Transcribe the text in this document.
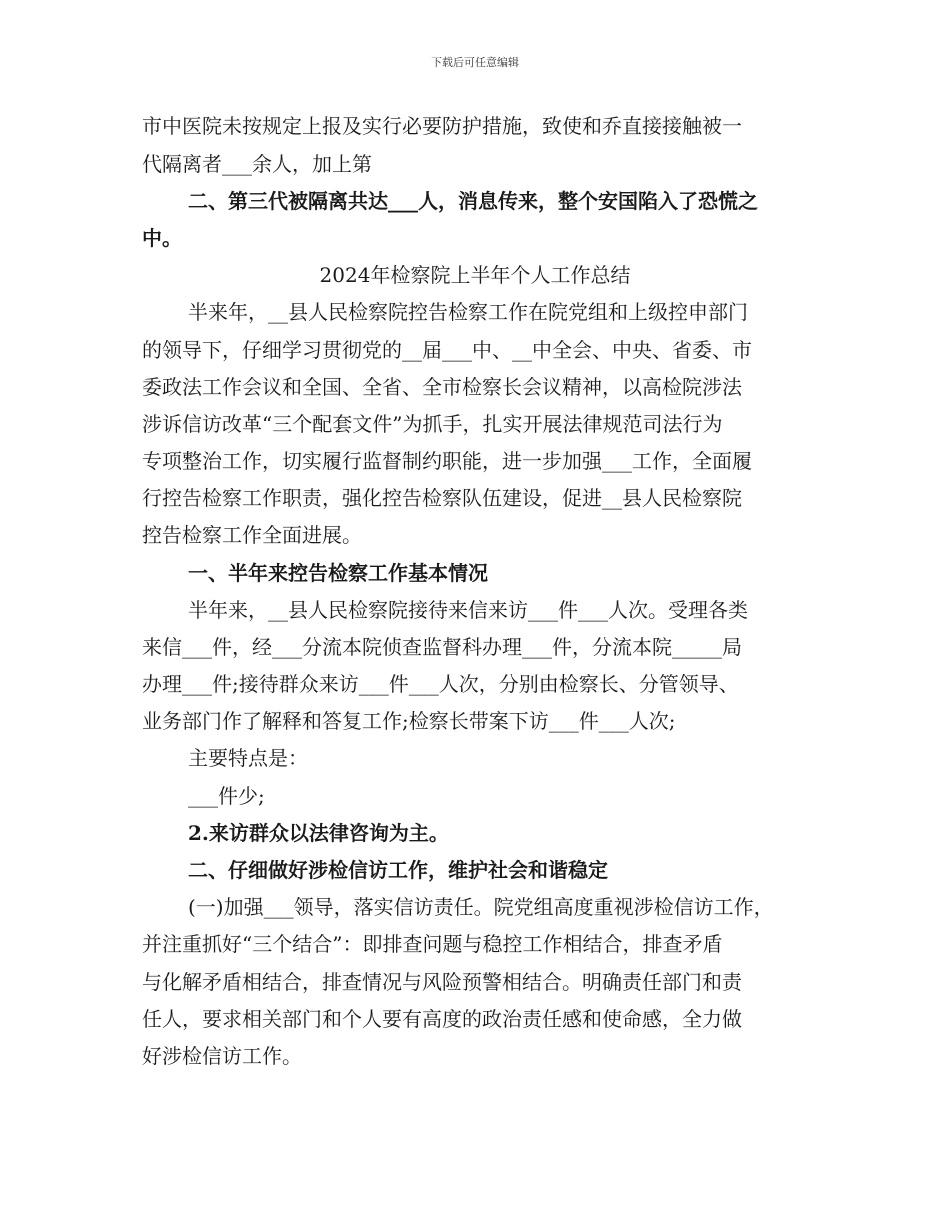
下载后可任意编辑
市中医院未按规定上报及实行必要防护措施，致使和乔直接接触被一
代隔离者___余人，加上第
二、第三代被隔离共达___人，消息传来，整个安国陷入了恐慌之
中。
2024年检察院上半年个人工作总结
半来年，__县人民检察院控告检察工作在院党组和上级控申部门
的领导下，仔细学习贯彻党的__届___中、__中全会、中央、省委、市
委政法工作会议和全国、全省、全市检察长会议精神，以高检院涉法
涉诉信访改革“三个配套文件”为抓手，扎实开展法律规范司法行为
专项整治工作，切实履行监督制约职能，进一步加强___工作，全面履
行控告检察工作职责，强化控告检察队伍建设，促进__县人民检察院
控告检察工作全面进展。
一、半年来控告检察工作基本情况
半年来，__县人民检察院接待来信来访___件___人次。受理各类
来信___件，经___分流本院侦查监督科办理___件，分流本院_____局
办理___件;接待群众来访___件___人次，分别由检察长、分管领导、
业务部门作了解释和答复工作;检察长带案下访___件___人次;
主要特点是：
___件少;
2.来访群众以法律咨询为主。
二、仔细做好涉检信访工作，维护社会和谐稳定
(一)加强___领导，落实信访责任。院党组高度重视涉检信访工作，
并注重抓好“三个结合”：即排查问题与稳控工作相结合，排查矛盾
与化解矛盾相结合，排查情况与风险预警相结合。明确责任部门和责
任人，要求相关部门和个人要有高度的政治责任感和使命感，全力做
好涉检信访工作。
